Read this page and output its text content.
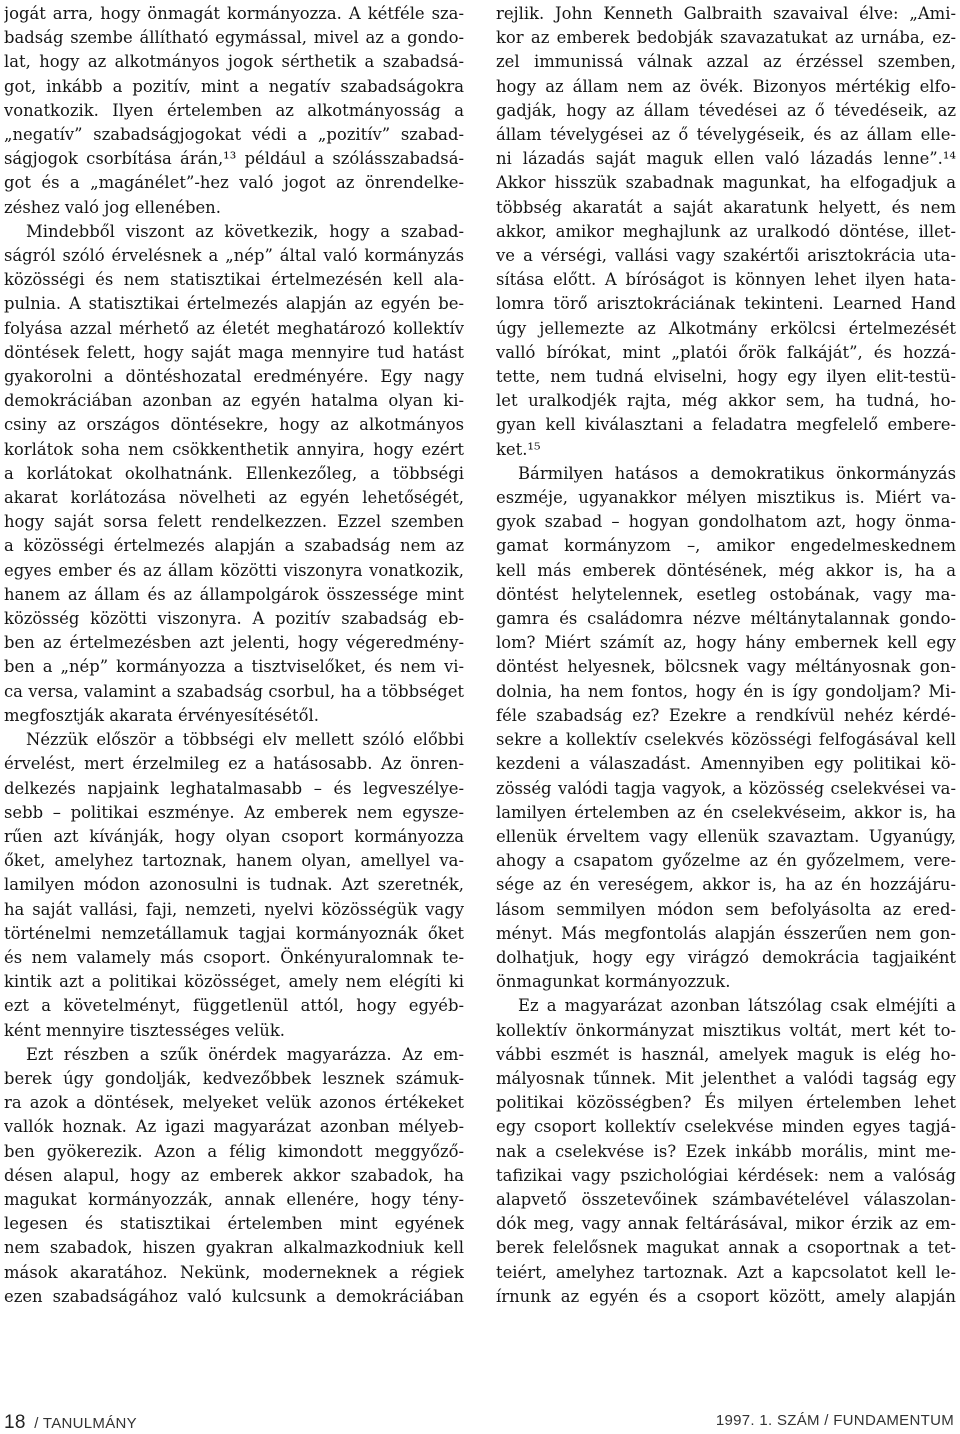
jogát arra, hogy önmagát kormányozza. A kétféle sza-
badság szembe állítható egymással, mivel az a gondo-
lat, hogy az alkotmányos jogok sérthetik a szabadsá-
got, inkább a pozitív, mint a negatív szabadságokra
vonatkozik. Ilyen értelemben az alkotmányosság a
„negatív” szabadságjogokat védi a „pozitív” szabad-
ságjogok csorbítása árán,¹³ például a szólásszabadsá-
got és a „magánélet”-hez való jogot az önrendelke-
zéshez való jog ellenében.
Mindebből viszont az következik, hogy a szabad-
ságról szóló érvelésnek a „nép” által való kormányzás
közösségi és nem statisztikai értelmezésén kell ala-
pulnia. A statisztikai értelmezés alapján az egyén be-
folyása azzal mérhető az életét meghatározó kollektív
döntések felett, hogy saját maga mennyire tud hatást
gyakorolni a döntéshozatal eredményére. Egy nagy
demokráciában azonban az egyén hatalma olyan ki-
csiny az országos döntésekre, hogy az alkotmányos
korlátok soha nem csökkenthetik annyira, hogy ezért
a korlátokat okolhatnánk. Ellenkezőleg, a többségi
akarat korlátozása növelheti az egyén lehetőségét,
hogy saját sorsa felett rendelkezzen. Ezzel szemben
a közösségi értelmezés alapján a szabadság nem az
egyes ember és az állam közötti viszonyra vonatkozik,
hanem az állam és az állampolgárok összessége mint
közösség közötti viszonyra. A pozitív szabadság eb-
ben az értelmezésben azt jelenti, hogy végeredmény-
ben a „nép” kormányozza a tisztviselőket, és nem vi-
ca versa, valamint a szabadság csorbul, ha a többséget
megfosztják akarata érvényesítésétől.
Nézzük először a többségi elv mellett szóló előbbi
érvelést, mert érzelmileg ez a hatásosabb. Az önren-
delkezés napjaink leghatalmasabb – és legveszélye-
sebb – politikai eszménye. Az emberek nem egysze-
rűen azt kívánják, hogy olyan csoport kormányozza
őket, amelyhez tartoznak, hanem olyan, amellyel va-
lamilyen módon azonosulni is tudnak. Azt szeretnék,
ha saját vallási, faji, nemzeti, nyelvi közösségük vagy
történelmi nemzetállamuk tagjai kormányoznák őket
és nem valamely más csoport. Önkényuralomnak te-
kintik azt a politikai közösséget, amely nem elégíti ki
ezt a követelményt, függetlenül attól, hogy egyéb-
ként mennyire tisztességes velük.
Ezt részben a szűk önérdek magyarázza. Az em-
berek úgy gondolják, kedvezőbbek lesznek számuk-
ra azok a döntések, melyeket velük azonos értékeket
vallók hoznak. Az igazi magyarázat azonban mélyeb-
ben gyökerezik. Azon a félig kimondott meggyőző-
désen alapul, hogy az emberek akkor szabadok, ha
magukat kormányozzák, annak ellenére, hogy tény-
legesen és statisztikai értelemben mint egyének
nem szabadok, hiszen gyakran alkalmazkodniuk kell
mások akaratához. Nekünk, moderneknek a régiek
ezen szabadságához való kulcsunk a demokráciában
rejlik. John Kenneth Galbraith szavaival élve: „Ami-
kor az emberek bedobják szavazatukat az urnába, ez-
zel immunissá válnak azzal az érzéssel szemben,
hogy az állam nem az övék. Bizonyos mértékig elfo-
gadják, hogy az állam tévedései az ő tévedéseik, az
állam tévelygései az ő tévelygéseik, és az állam elle-
ni lázadás saját maguk ellen való lázadás lenne”.¹⁴
Akkor hisszük szabadnak magunkat, ha elfogadjuk a
többség akaratát a saját akaratunk helyett, és nem
akkor, amikor meghajlunk az uralkodó döntése, illet-
ve a vérségi, vallási vagy szakértői arisztokrácia uta-
sítása előtt. A bíróságot is könnyen lehet ilyen hata-
lomra törő arisztokráciának tekinteni. Learned Hand
úgy jellemezte az Alkotmány erkölcsi értelmezését
valló bírókat, mint „platói őrök falkáját”, és hozzá-
tette, nem tudná elviselni, hogy egy ilyen elit-testü-
let uralkodjék rajta, még akkor sem, ha tudná, ho-
gyan kell kiválasztani a feladatra megfelelő embere-
ket.¹⁵
Bármilyen hatásos a demokratikus önkormányzás
eszméje, ugyanakkor mélyen misztikus is. Miért va-
gyok szabad – hogyan gondolhatom azt, hogy önma-
gamat kormányzom –, amikor engedelmeskednem
kell más emberek döntésének, még akkor is, ha a
döntést helytelennek, esetleg ostobának, vagy ma-
gamra és családomra nézve méltánytalannak gondo-
lom? Miért számít az, hogy hány embernek kell egy
döntést helyesnek, bölcsnek vagy méltányosnak gon-
dolnia, ha nem fontos, hogy én is így gondoljam? Mi-
féle szabadság ez? Ezekre a rendkívül nehéz kérdé-
sekre a kollektív cselekvés közösségi felfogásával kell
kezdeni a válaszadást. Amennyiben egy politikai kö-
zösség valódi tagja vagyok, a közösség cselekvései va-
lamilyen értelemben az én cselekvéseim, akkor is, ha
ellenük érveltem vagy ellenük szavaztam. Ugyanúgy,
ahogy a csapatom győzelme az én győzelmem, vere-
sége az én vereségem, akkor is, ha az én hozzájáru-
lásom semmilyen módon sem befolyásolta az ered-
ményt. Más megfontolás alapján ésszerűen nem gon-
dolhatjuk, hogy egy virágzó demokrácia tagjaiként
önmagunkat kormányozzuk.
Ez a magyarázat azonban látszólag csak elméjíti a
kollektív önkormányzat misztikus voltát, mert két to-
vábbi eszmét is használ, amelyek maguk is elég ho-
mályosnak tűnnek. Mit jelenthet a valódi tagság egy
politikai közösségben? És milyen értelemben lehet
egy csoport kollektív cselekvése minden egyes tagjá-
nak a cselekvése is? Ezek inkább morális, mint me-
tafizikai vagy pszichológiai kérdések: nem a valóság
alapvető összetevőinek számbavételével válaszolan-
dók meg, vagy annak feltárásával, mikor érzik az em-
berek felelősnek magukat annak a csoportnak a tet-
teiért, amelyhez tartoznak. Azt a kapcsolatot kell le-
írnunk az egyén és a csoport között, amely alapján
18 / TANULMÁNY	1997. 1. SZÁM / FUNDAMENTUM
